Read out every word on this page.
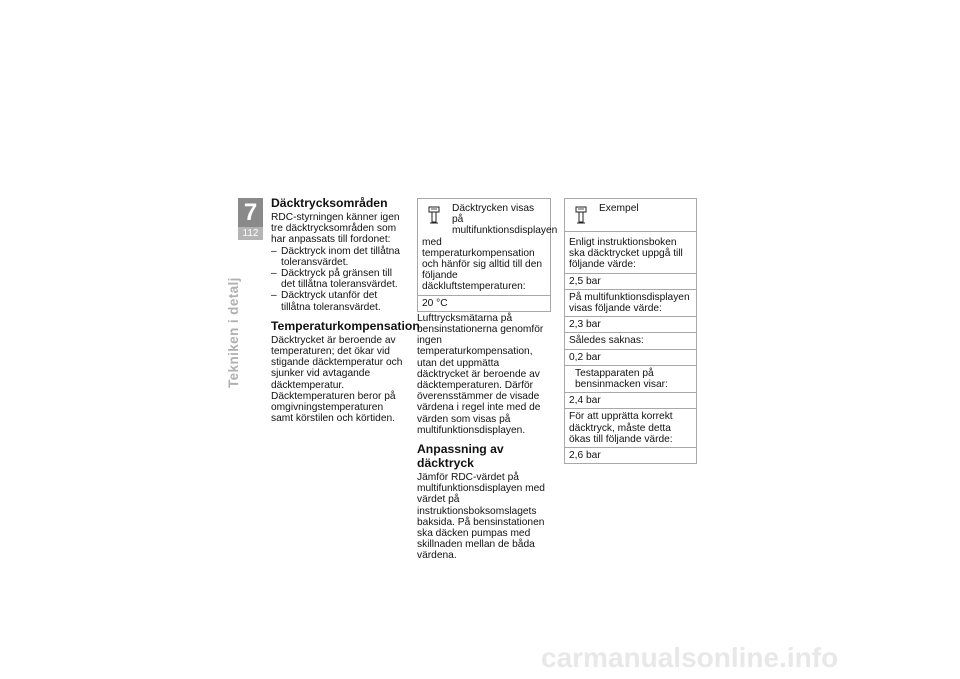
7
112
Tekniken i detalj
Däcktrycksområden

RDC-styrningen känner igen tre däcktrycksområden som har anpassats till fordonet:

– Däcktryck inom det tillåtna toleransvärdet.
– Däcktryck på gränsen till det tillåtna toleransvärdet.
– Däcktryck utanför det tillåtna toleransvärdet.
Temperaturkompensation

Däcktrycket är beroende av temperaturen; det ökar vid stigande däcktemperatur och sjunker vid avtagande däcktemperatur. Däcktemperaturen beror på omgivningstemperaturen samt körstilen och körtiden.

Däcktrycken visas på multifunktionsdisplayen
med temperaturkompensation och hänför sig alltid till den följande däckluftstemperaturen:
20 °C

Lufttrycksmätarna på bensinstationerna genomför ingen temperaturkompensation, utan det uppmätta däcktrycket är beroende av däcktemperaturen. Därför överensstämmer de visade värdena i regel inte med de värden som visas på multifunktionsdisplayen.

Anpassning av däcktryck

Jämför RDC-värdet på multifunktionsdisplayen med värdet på instruktionsboksomslagets baksida. På bensinstationen ska däcken pumpas med skillnaden mellan de båda värdena.

Exempel
Enligt instruktionsboken ska däcktrycket uppgå till följande värde:
2,5 bar
På multifunktionsdisplayen visas följande värde:
2,3 bar
Således saknas:
0,2 bar
Testapparaten på bensinmacken visar:
2,4 bar
För att upprätta korrekt däcktryck, måste detta ökas till följande värde:
2,6 bar
carmanualsonline.info
